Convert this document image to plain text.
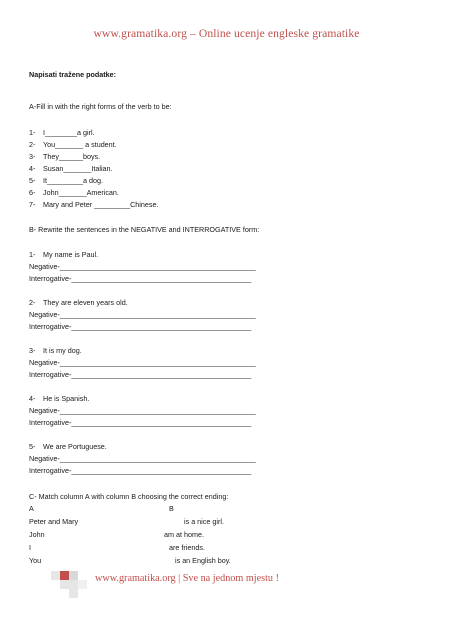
www.gramatika.org – Online ucenje engleske gramatike
Napisati tražene podatke:
A-Fill in with the right forms of the verb to be:
1- I________a girl.
2- You_______ a student.
3- They______boys.
4- Susan_______Italian.
5- It_________a dog.
6- John_______American.
7- Mary and Peter _________Chinese.
B- Rewrite the sentences in the NEGATIVE and INTERROGATIVE form:
1- My name is Paul.
Negative-_________________________________________________
Interrogative-_____________________________________________
2- They are eleven years old.
Negative-_________________________________________________
Interrogative-_____________________________________________
3- It is my dog.
Negative-_________________________________________________
Interrogative-_____________________________________________
4- He is Spanish.
Negative-_________________________________________________
Interrogative-_____________________________________________
5- We are Portuguese.
Negative-_________________________________________________
Interrogative-_____________________________________________
C- Match column A with column B choosing the correct ending:
A	B
Peter and Mary	is a nice girl.
John	am at home.
I	are friends.
You	is an English boy.
www.gramatika.org | Sve na jednom mjestu !
